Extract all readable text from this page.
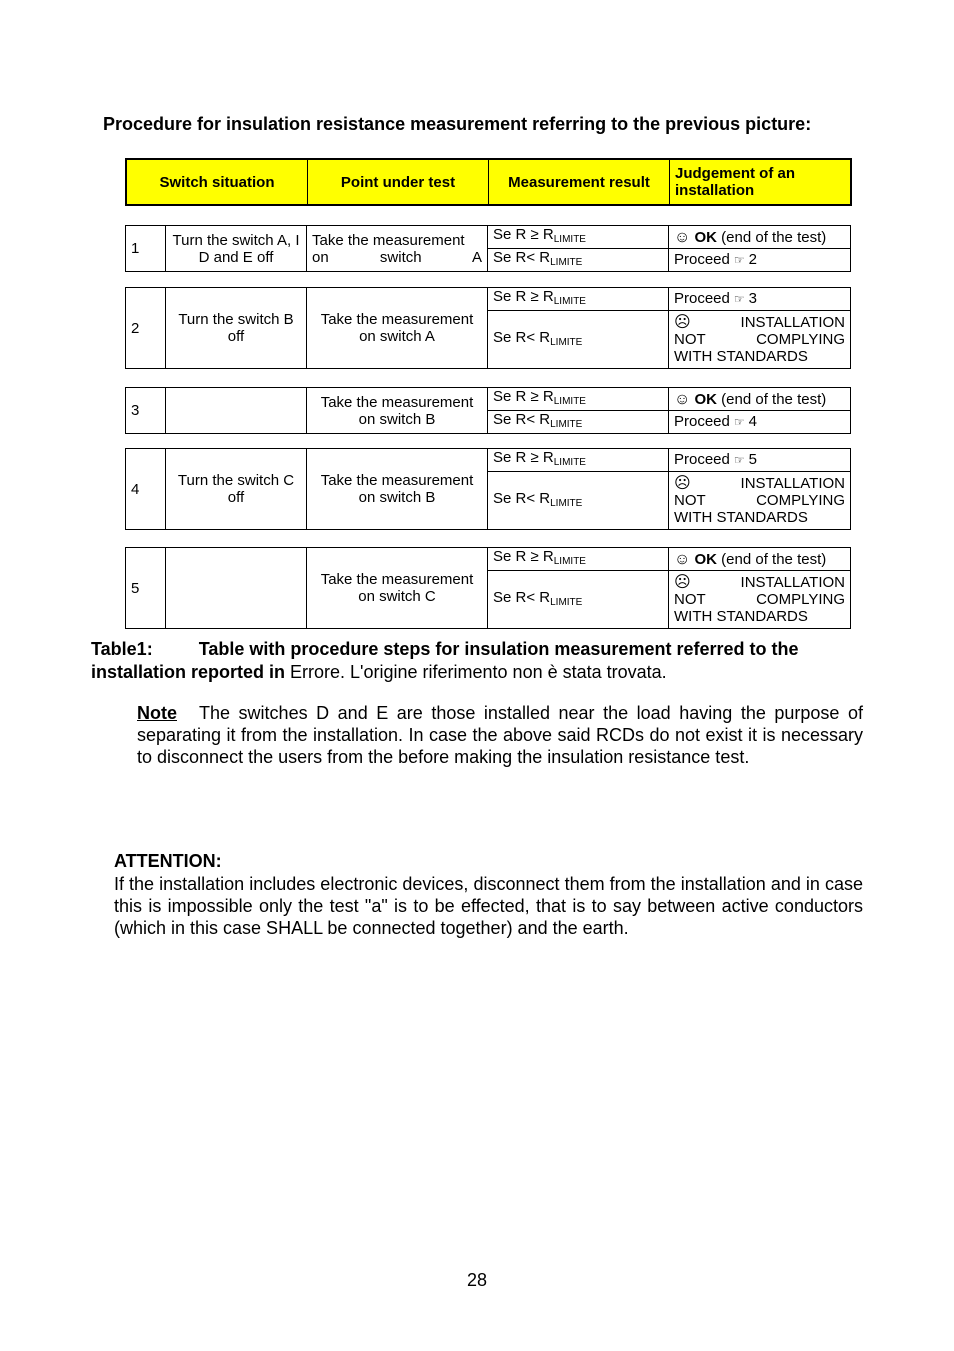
Procedure for insulation resistance measurement referring to the previous picture:
Switch situation	Point under test	Measurement result	Judgement of an installation
1	Turn the switch A, I D and E off	Take the measurement on switch A	Se $R \ge R_{LIMITE}$	☺ OK (end of the test)
			Se $R< R_{LIMITE}$	Proceed ☞ 2
2	Turn the switch B off	Take the measurement on switch A	Se $R \ge R_{LIMITE}$	Proceed ☞ 3
			Se $R< R_{LIMITE}$	☹ INSTALLATION
NOT COMPLYING
WITH STANDARDS
3		Take the measurement on switch B	Se $R \ge R_{LIMITE}$	☺ OK (end of the test)
			Se $R< R_{LIMITE}$	Proceed ☞ 4
4	Turn the switch C off	Take the measurement on switch B	Se $R \ge R_{LIMITE}$	Proceed ☞ 5
			Se $R< R_{LIMITE}$	☹ INSTALLATION
NOT COMPLYING
WITH STANDARDS
5		Take the measurement on switch C	Se $R \ge R_{LIMITE}$	☺ OK (end of the test)
			Se $R< R_{LIMITE}$	☹ INSTALLATION
NOT COMPLYING
WITH STANDARDS
Table1:	Table with procedure steps for insulation measurement referred to the installation reported in Errore. L'origine riferimento non è stata trovata.
Note The switches D and E are those installed near the load having the purpose of separating it from the installation. In case the above said RCDs do not exist it is necessary to disconnect the users from the before making the insulation resistance test.
ATTENTION:
If the installation includes electronic devices, disconnect them from the installation and in case this is impossible only the test "a" is to be effected, that is to say between active conductors (which in this case SHALL be connected together) and the earth.
28
